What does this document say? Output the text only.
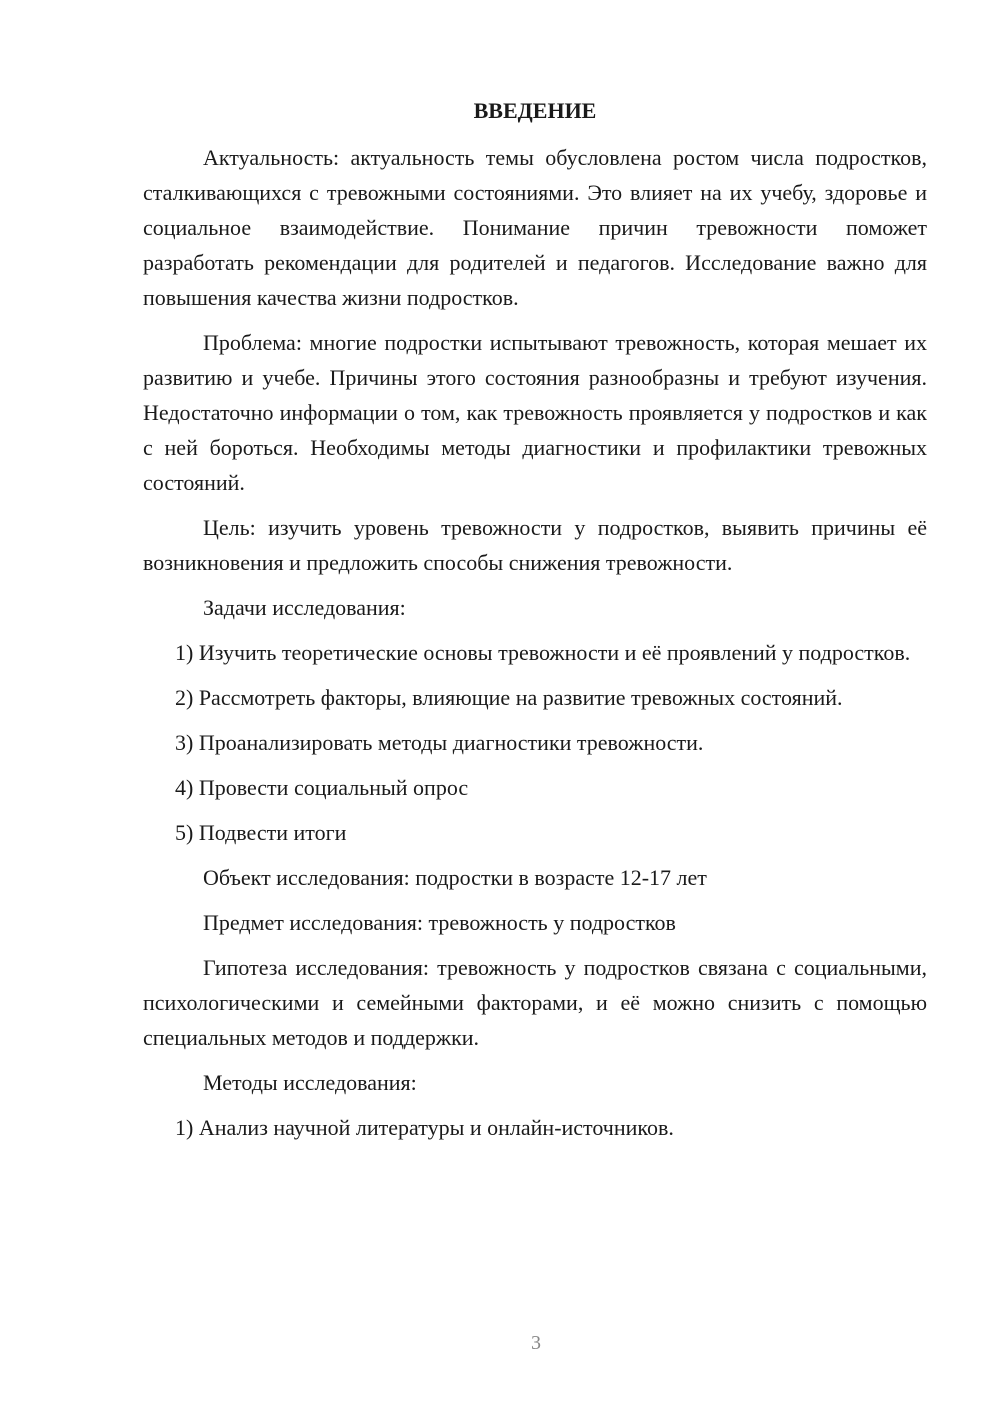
ВВЕДЕНИЕ

Актуальность: актуальность темы обусловлена ростом числа подростков, сталкивающихся с тревожными состояниями. Это влияет на их учебу, здоровье и социальное взаимодействие. Понимание причин тревожности поможет разработать рекомендации для родителей и педагогов. Исследование важно для повышения качества жизни подростков.

Проблема: многие подростки испытывают тревожность, которая мешает их развитию и учебе. Причины этого состояния разнообразны и требуют изучения. Недостаточно информации о том, как тревожность проявляется у подростков и как с ней бороться. Необходимы методы диагностики и профилактики тревожных состояний.

Цель: изучить уровень тревожности у подростков, выявить причины её возникновения и предложить способы снижения тревожности.

Задачи исследования:

1) Изучить теоретические основы тревожности и её проявлений у подростков.

2) Рассмотреть факторы, влияющие на развитие тревожных состояний.

3) Проанализировать методы диагностики тревожности.

4) Провести социальный опрос

5) Подвести итоги

Объект исследования: подростки в возрасте 12-17 лет

Предмет исследования: тревожность у подростков

Гипотеза исследования: тревожность у подростков связана с социальными, психологическими и семейными факторами, и её можно снизить с помощью специальных методов и поддержки.

Методы исследования:

1) Анализ научной литературы и онлайн-источников.

3
